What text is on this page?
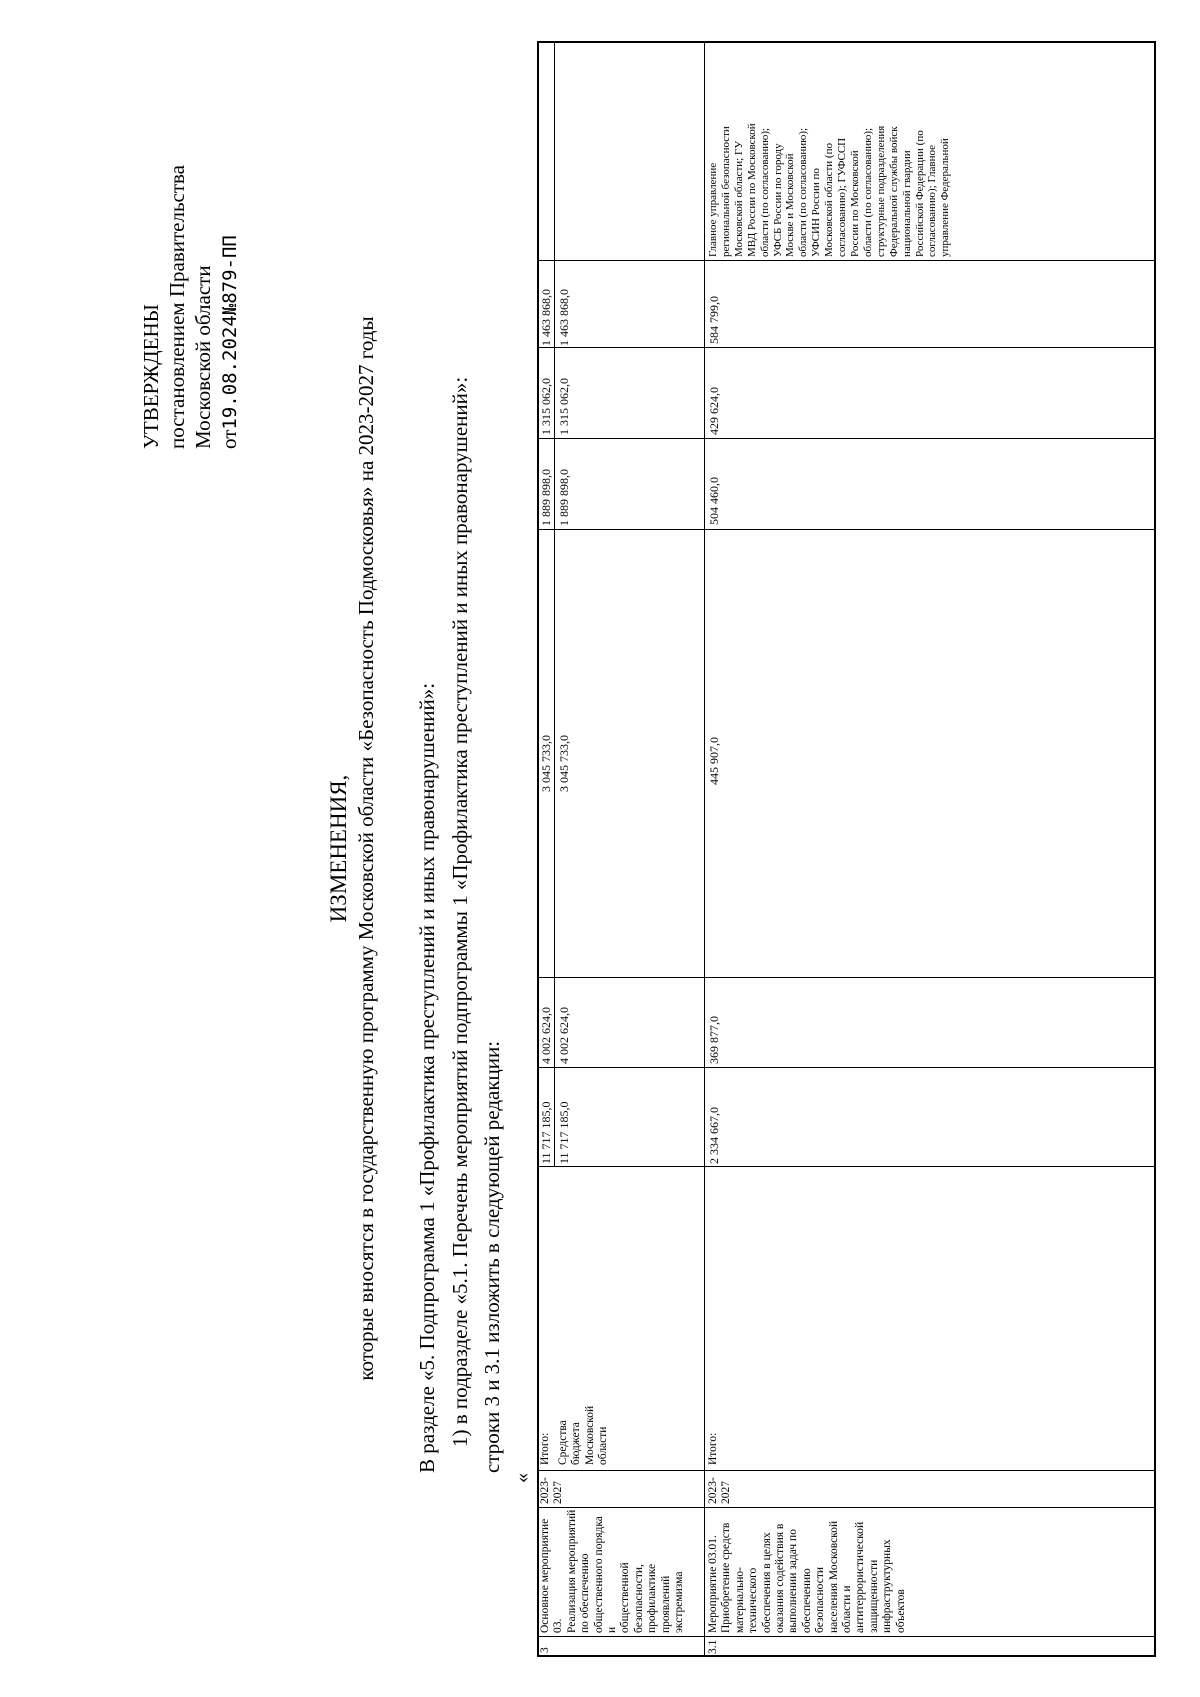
УТВЕРЖДЕНЫ постановлением Правительства Московской области от19.08.2024№879-ПП
ИЗМЕНЕНИЯ, которые вносятся в государственную программу Московской области «Безопасность Подмосковья» на 2023-2027 годы В разделе «5. Подпрограмма 1 «Профилактика преступлений и иных правонарушений»: 1) в подразделе «5.1. Перечень мероприятий подпрограммы 1 «Профилактика преступлений и иных правонарушений»: строки 3 и 3.1 изложить в следующей редакции:
«
3
Основное мероприятие 03.
Реализация мероприятий
по обеспечению
общественного порядка и
общественной
безопасности,
профилактике проявлений
экстремизма
2023-
2027
Итого: Средства
бюджета
Московской
области
11 717 185,0
4 002 624,0
3 045 733,0
1 889 898,0
1 315 062,0
1 463 868,0
11 717 185,0
4 002 624,0
3 045 733,0
1 889 898,0
1 315 062,0
1 463 868,0
3.1
Мероприятие 03.01.
Приобретение средств
материально-технического
обеспечения в целях
оказания содействия в
выполнении задач по
обеспечению безопасности
населения Московской
области и
антитеррористической
защищенности
инфраструктурных
объектов
2023-
2027
Итого:
2 334 667,0
369 877,0
445 907,0
504 460,0
429 624,0
584 799,0
Главное управление
региональной безопасности
Московской области; ГУ
МВД России по Московской
области (по согласованию);
УФСБ России по городу
Москве и Московской
области (по согласованию);
УФСИН России по
Московской области (по
согласованию); ГУФССП
России по Московской
области (по согласованию);
структурные подразделения
Федеральной службы войск
национальной гвардии
Российской Федерации (по
согласованию); Главное
управление Федеральной
